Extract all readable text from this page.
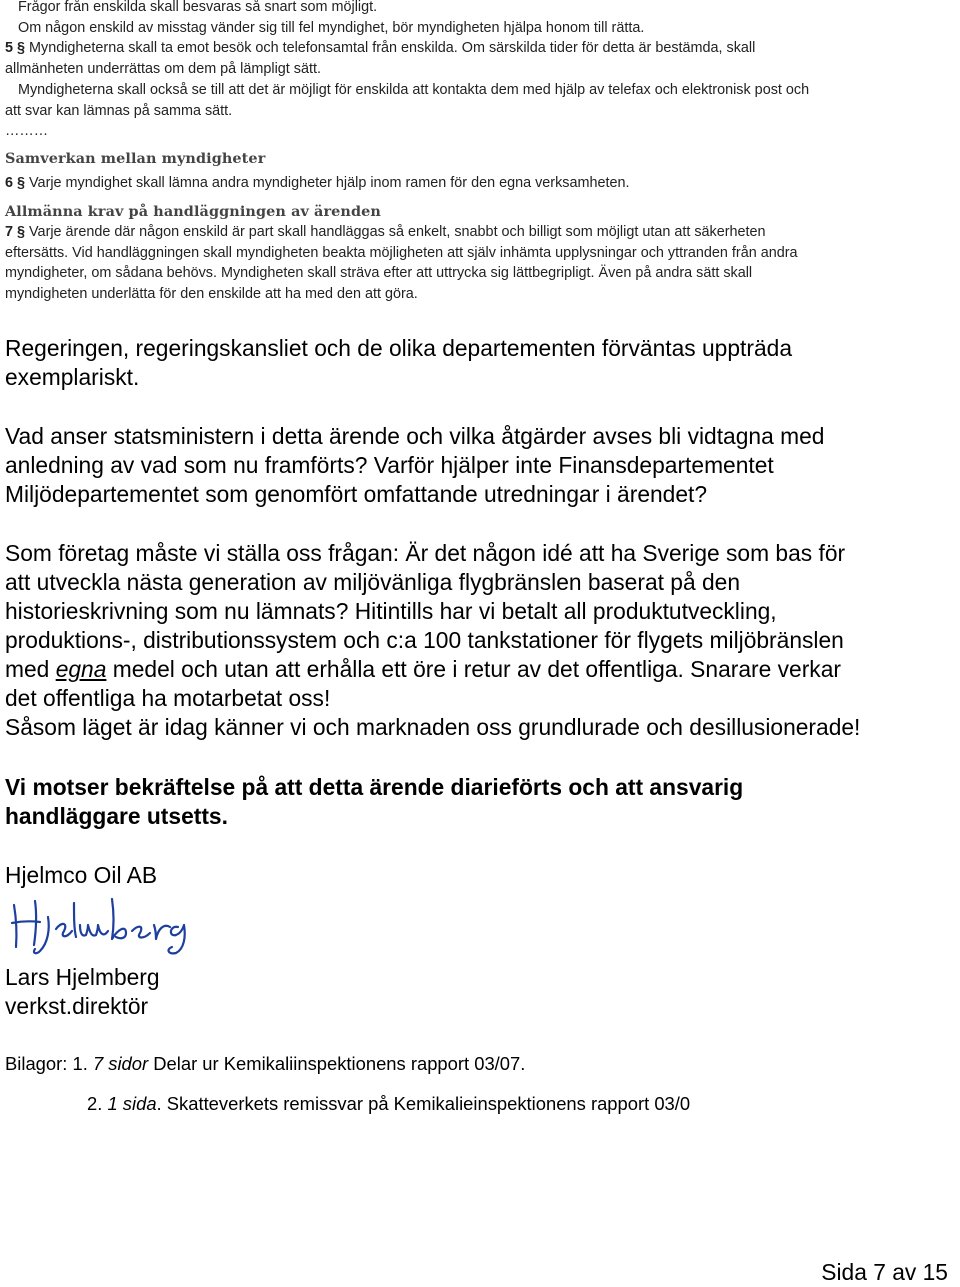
Frågor från enskilda skall besvaras så snart som möjligt.
Om någon enskild av misstag vänder sig till fel myndighet, bör myndigheten hjälpa honom till rätta.
5 § Myndigheterna skall ta emot besök och telefonsamtal från enskilda. Om särskilda tider för detta är bestämda, skall
allmänheten underrättas om dem på lämpligt sätt.
Myndigheterna skall också se till att det är möjligt för enskilda att kontakta dem med hjälp av telefax och elektronisk post och
att svar kan lämnas på samma sätt.
………
Samverkan mellan myndigheter
6 § Varje myndighet skall lämna andra myndigheter hjälp inom ramen för den egna verksamheten.
Allmänna krav på handläggningen av ärenden
7 § Varje ärende där någon enskild är part skall handläggas så enkelt, snabbt och billigt som möjligt utan att säkerheten
eftersätts. Vid handläggningen skall myndigheten beakta möjligheten att själv inhämta upplysningar och yttranden från andra
myndigheter, om sådana behövs. Myndigheten skall sträva efter att uttrycka sig lättbegripligt. Även på andra sätt skall
myndigheten underlätta för den enskilde att ha med den att göra.
Regeringen, regeringskansliet och de olika departementen förväntas uppträda
exemplariskt.
Vad anser statsministern i detta ärende och vilka åtgärder avses bli vidtagna med
anledning av vad som nu framförts? Varför hjälper inte Finansdepartementet
Miljödepartementet som genomfört omfattande utredningar i ärendet?
Som företag måste vi ställa oss frågan: Är det någon idé att ha Sverige som bas för
att utveckla nästa generation av miljövänliga flygbränslen baserat på den
historieskrivning som nu lämnats? Hitintills har vi betalt all produktutveckling,
produktions-, distributionssystem och c:a 100 tankstationer för flygets miljöbränslen
med egna medel och utan att erhålla ett öre i retur av det offentliga. Snarare verkar
det offentliga ha motarbetat oss!
Såsom läget är idag känner vi och marknaden oss grundlurade och desillusionerade!
Vi motser bekräftelse på att detta ärende diarieförts och att ansvarig
handläggare utsetts.
Hjelmco Oil AB
Lars Hjelmberg
verkst.direktör
Bilagor: 1. 7 sidor Delar ur Kemikaliinspektionens rapport 03/07.
2. 1 sida. Skatteverkets remissvar på Kemikalieinspektionens rapport 03/0
Sida 7 av 15
